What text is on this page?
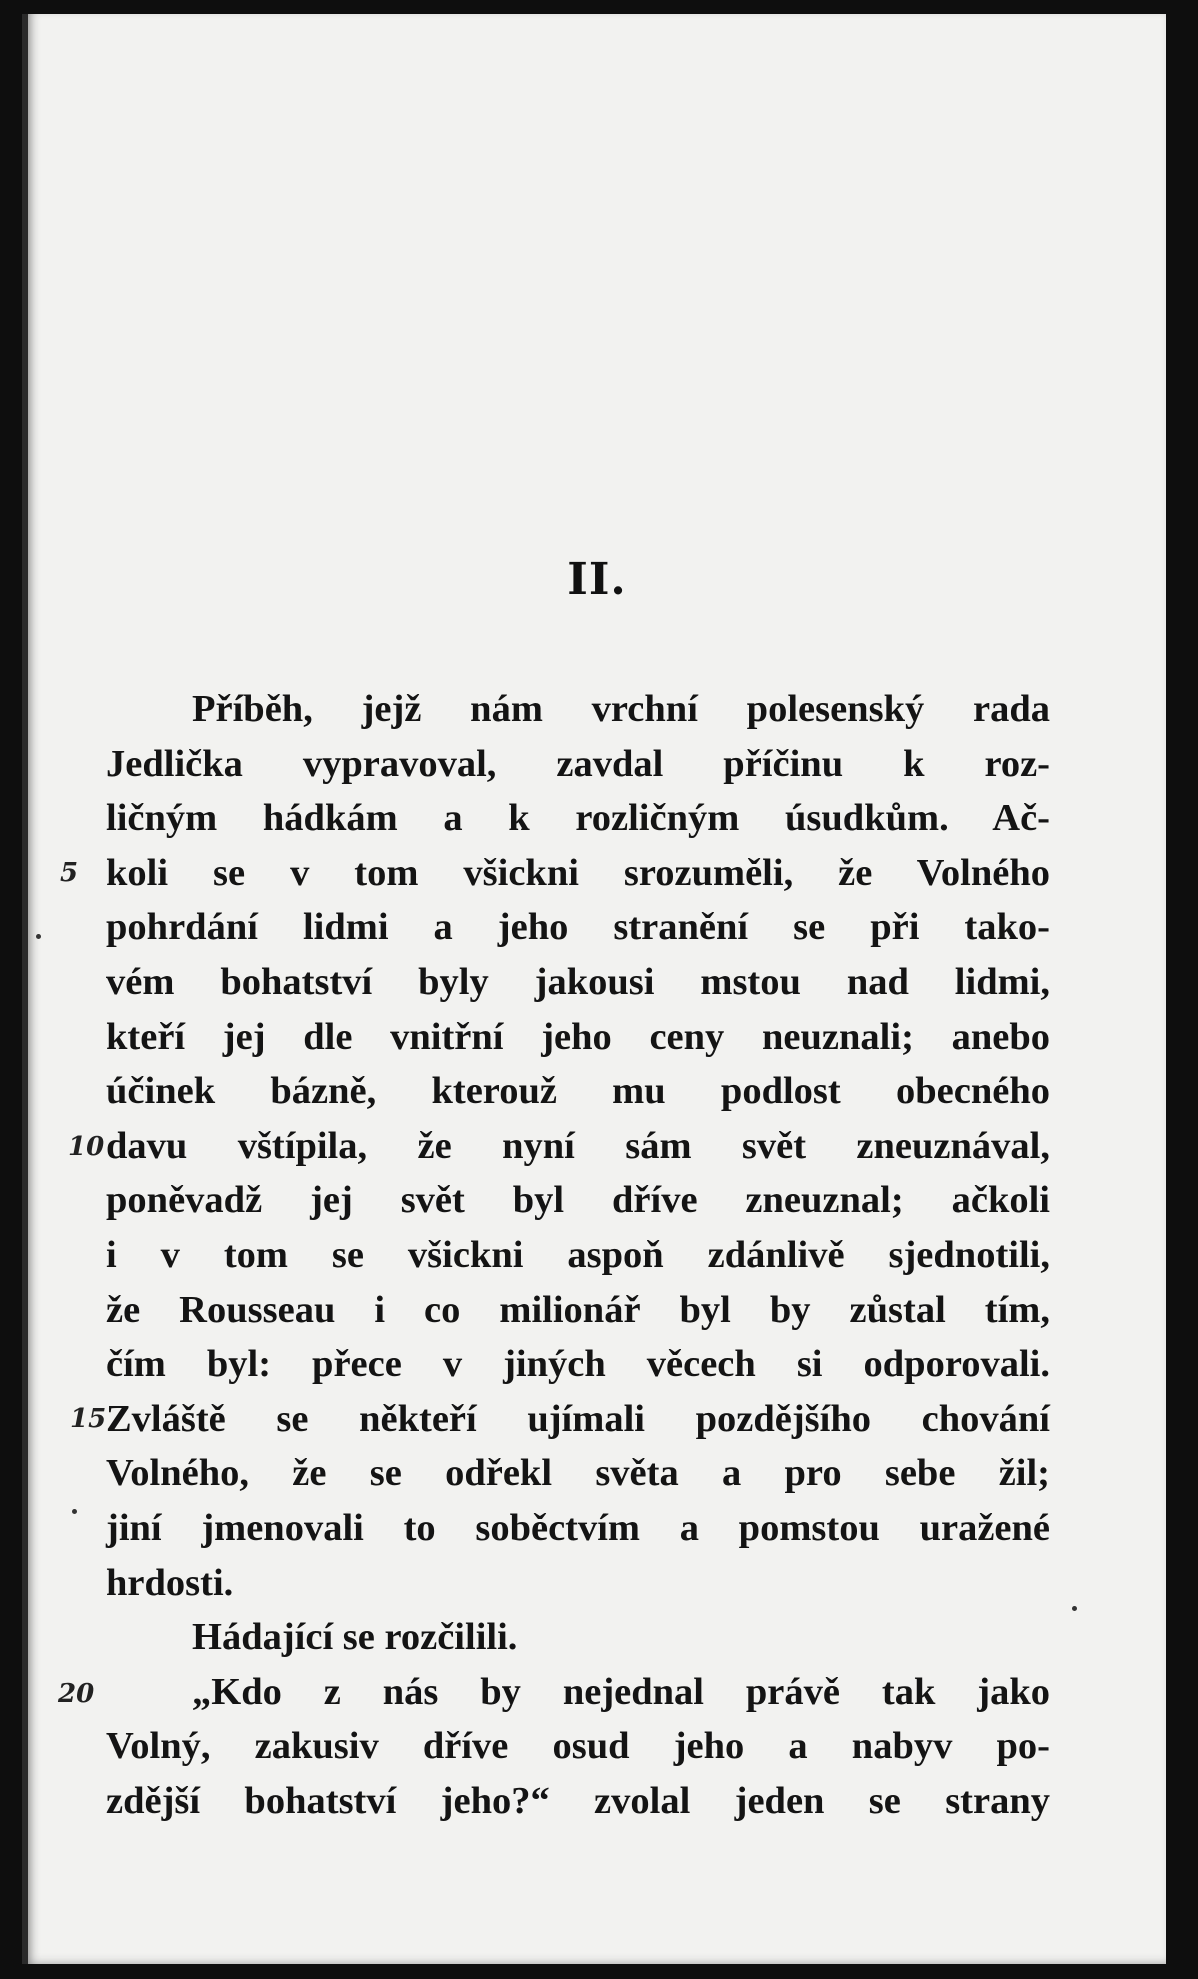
II.
Příběh, jejž nám vrchní polesenský rada
Jedlička vypravoval, zavdal příčinu k roz-
ličným hádkám a k rozličným úsudkům. Ač-
koli se v tom všickni srozuměli, že Volného
pohrdání lidmi a jeho stranění se při tako-
vém bohatství byly jakousi mstou nad lidmi,
kteří jej dle vnitřní jeho ceny neuznali; anebo
účinek bázně, kterouž mu podlost obecného
davu vštípila, že nyní sám svět zneuznával,
poněvadž jej svět byl dříve zneuznal; ačkoli
i v tom se všickni aspoň zdánlivě sjednotili,
že Rousseau i co milionář byl by zůstal tím,
čím byl: přece v jiných věcech si odporovali.
Zvláště se někteří ujímali pozdějšího chování
Volného, že se odřekl světa a pro sebe žil;
jiní jmenovali to soběctvím a pomstou uražené
hrdosti.
Hádající se rozčilili.
„Kdo z nás by nejednal právě tak jako
Volný, zakusiv dříve osud jeho a nabyv po-
zdější bohatství jeho?“ zvolal jeden se strany
5
10
15
20
